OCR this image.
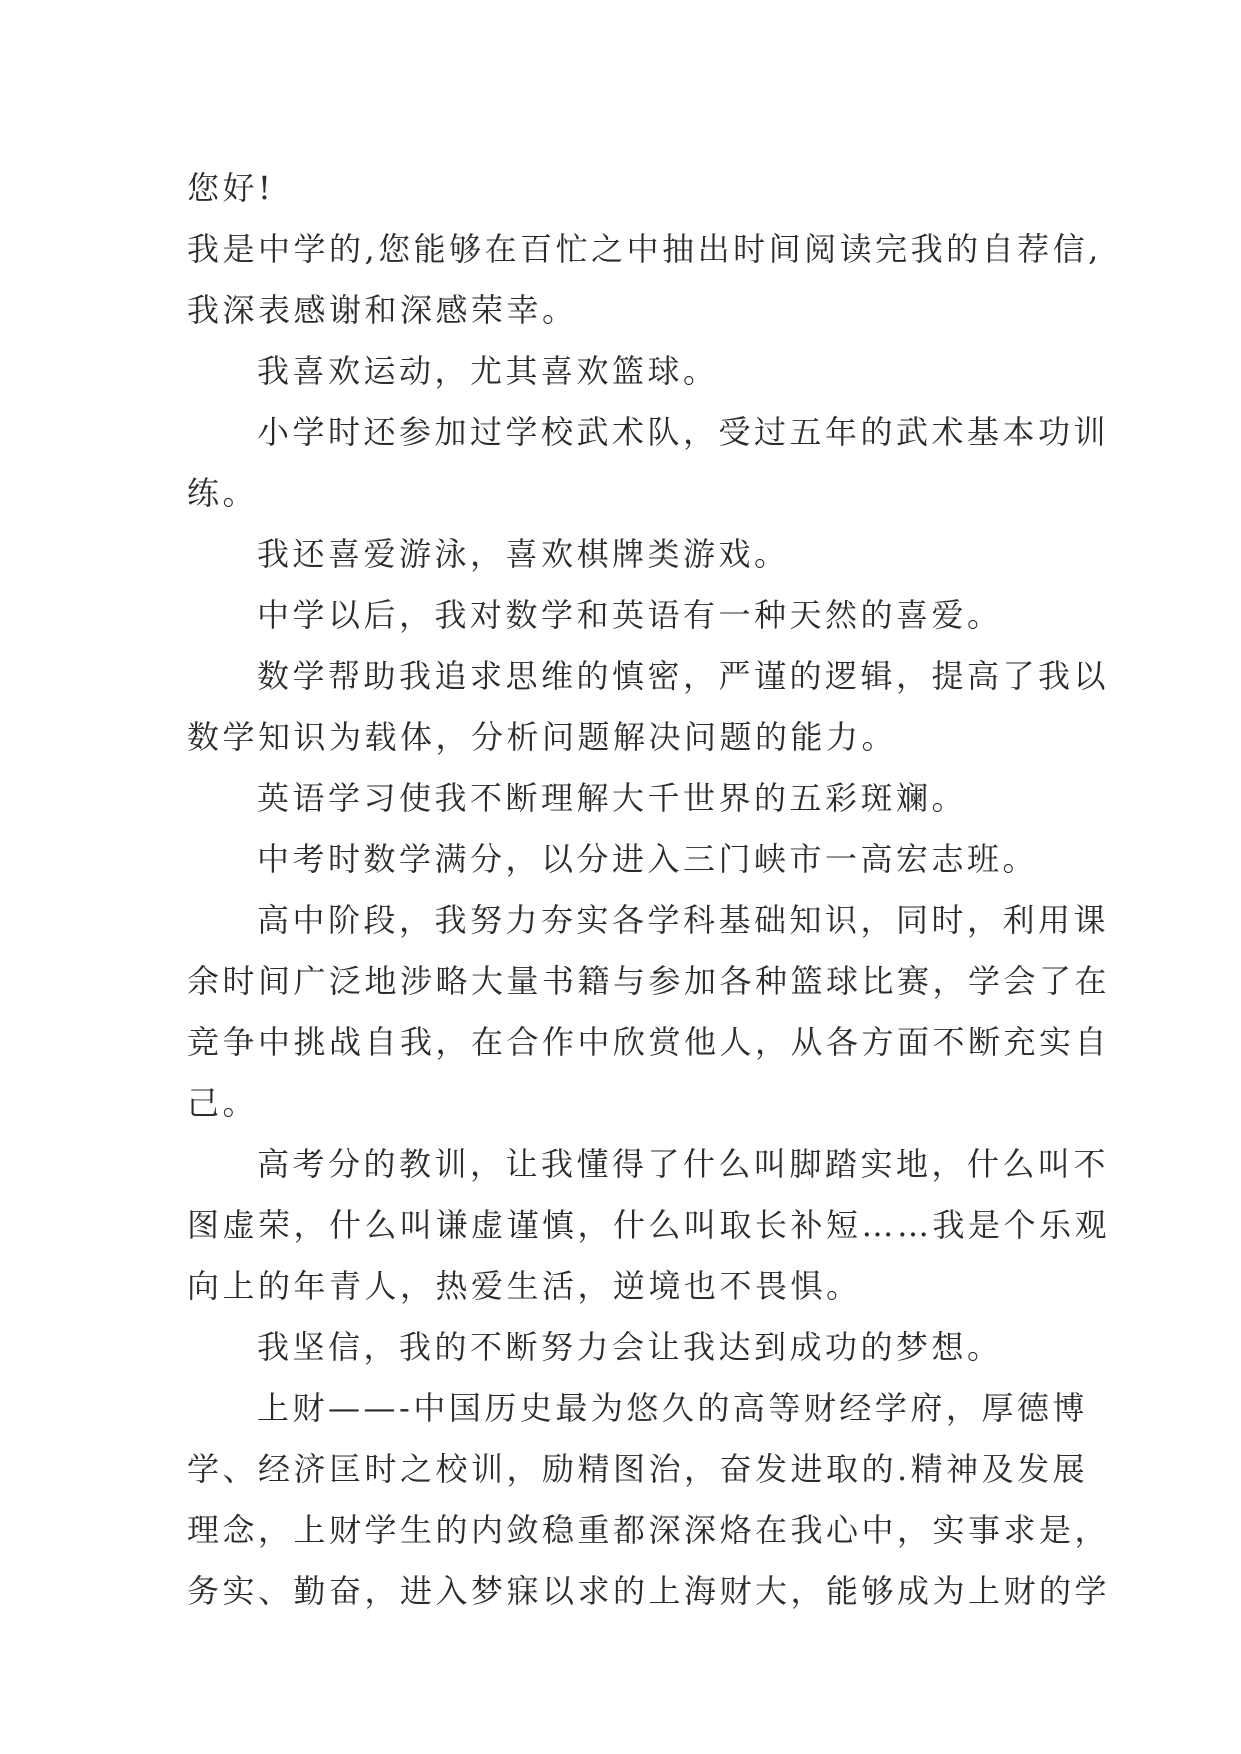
您好!
我是中学的,您能够在百忙之中抽出时间阅读完我的自荐信,
我深表感谢和深感荣幸。
我喜欢运动，尤其喜欢篮球。
小学时还参加过学校武术队，受过五年的武术基本功训
练。
我还喜爱游泳，喜欢棋牌类游戏。
中学以后，我对数学和英语有一种天然的喜爱。
数学帮助我追求思维的慎密，严谨的逻辑，提高了我以
数学知识为载体，分析问题解决问题的能力。
英语学习使我不断理解大千世界的五彩斑斓。
中考时数学满分，以分进入三门峡市一高宏志班。
高中阶段，我努力夯实各学科基础知识，同时，利用课
余时间广泛地涉略大量书籍与参加各种篮球比赛，学会了在
竞争中挑战自我，在合作中欣赏他人，从各方面不断充实自
己。
高考分的教训，让我懂得了什么叫脚踏实地，什么叫不
图虚荣，什么叫谦虚谨慎，什么叫取长补短……我是个乐观
向上的年青人，热爱生活，逆境也不畏惧。
我坚信，我的不断努力会让我达到成功的梦想。
上财——-中国历史最为悠久的高等财经学府，厚德博
学、经济匡时之校训，励精图治，奋发进取的.精神及发展
理念，上财学生的内敛稳重都深深烙在我心中，实事求是，
务实、勤奋，进入梦寐以求的上海财大，能够成为上财的学
